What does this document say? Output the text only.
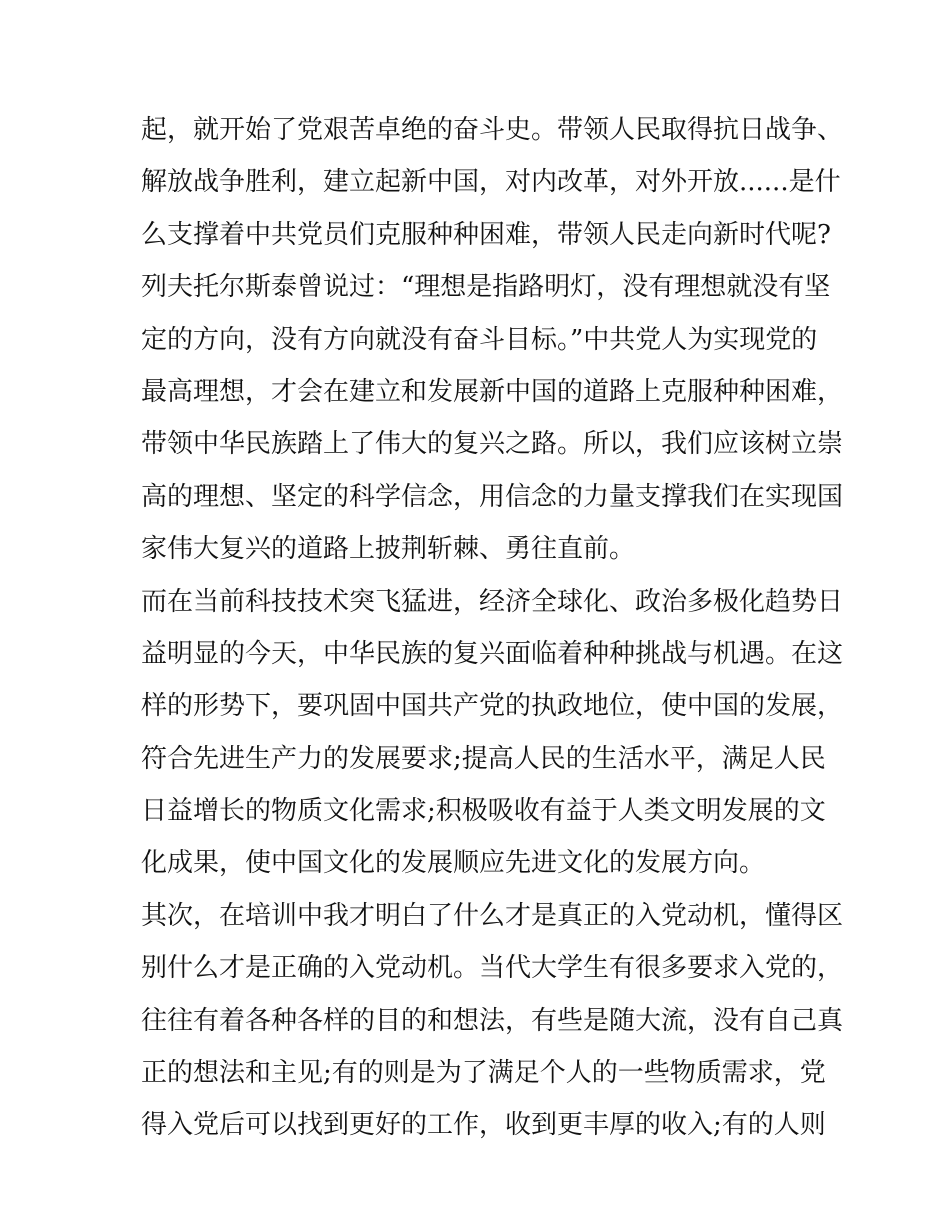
起，就开始了党艰苦卓绝的奋斗史。带领人民取得抗日战争、
解放战争胜利，建立起新中国，对内改革，对外开放......是什
么支撑着中共党员们克服种种困难，带领人民走向新时代呢?
列夫托尔斯泰曾说过：“理想是指路明灯，没有理想就没有坚
定的方向，没有方向就没有奋斗目标。”中共党人为实现党的
最高理想，才会在建立和发展新中国的道路上克服种种困难，
带领中华民族踏上了伟大的复兴之路。所以，我们应该树立崇
高的理想、坚定的科学信念，用信念的力量支撑我们在实现国
家伟大复兴的道路上披荆斩棘、勇往直前。
而在当前科技技术突飞猛进，经济全球化、政治多极化趋势日
益明显的今天，中华民族的复兴面临着种种挑战与机遇。在这
样的形势下，要巩固中国共产党的执政地位，使中国的发展，
符合先进生产力的发展要求;提高人民的生活水平，满足人民
日益增长的物质文化需求;积极吸收有益于人类文明发展的文
化成果，使中国文化的发展顺应先进文化的发展方向。
其次，在培训中我才明白了什么才是真正的入党动机，懂得区
别什么才是正确的入党动机。当代大学生有很多要求入党的，
往往有着各种各样的目的和想法，有些是随大流，没有自己真
正的想法和主见;有的则是为了满足个人的一些物质需求，党
得入党后可以找到更好的工作，收到更丰厚的收入;有的人则
